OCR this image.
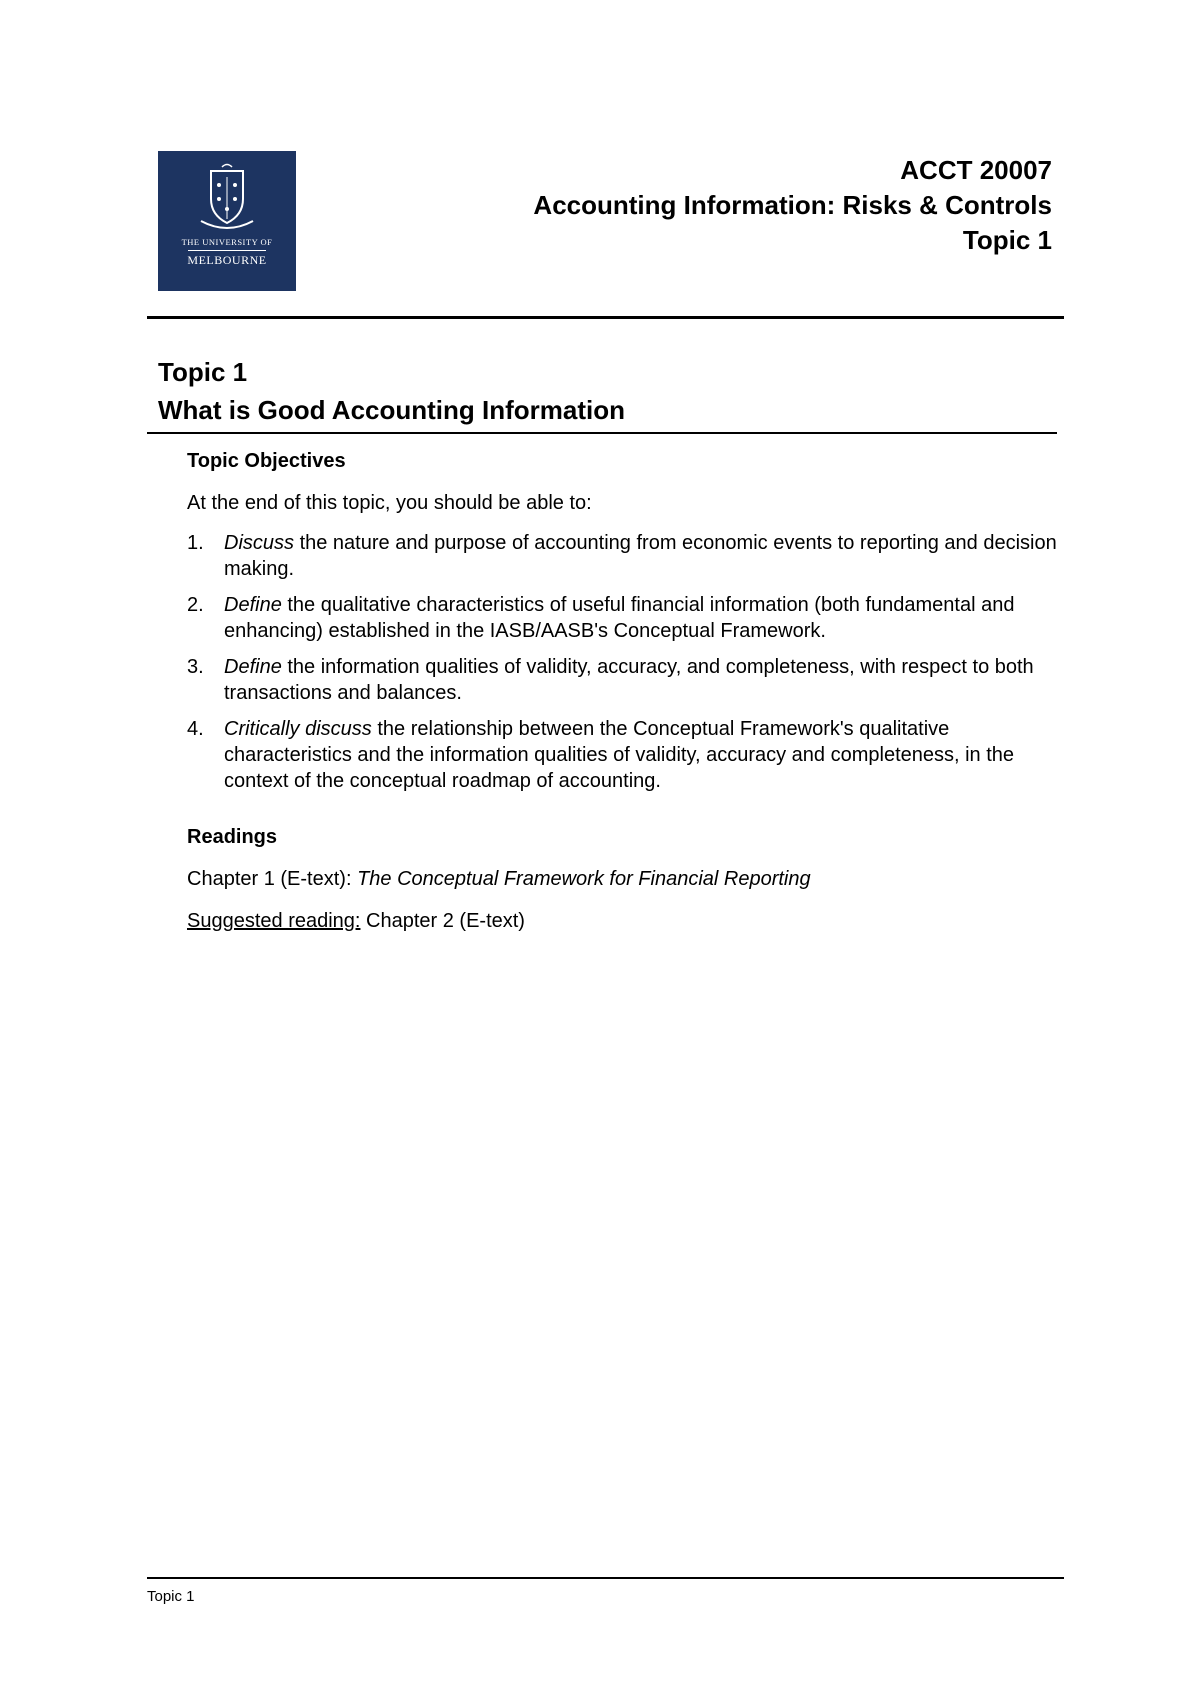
THE UNIVERSITY OF
MELBOURNE
ACCT 20007
Accounting Information: Risks & Controls
Topic 1
Topic 1
What is Good Accounting Information

Topic Objectives

At the end of this topic, you should be able to:

1. Discuss the nature and purpose of accounting from economic events to reporting and decision making.
2. Define the qualitative characteristics of useful financial information (both fundamental and enhancing) established in the IASB/AASB's Conceptual Framework.
3. Define the information qualities of validity, accuracy, and completeness, with respect to both transactions and balances.
4. Critically discuss the relationship between the Conceptual Framework's qualitative characteristics and the information qualities of validity, accuracy and completeness, in the context of the conceptual roadmap of accounting.

Readings

Chapter 1 (E-text): The Conceptual Framework for Financial Reporting

Suggested reading: Chapter 2 (E-text)

Topic 1
